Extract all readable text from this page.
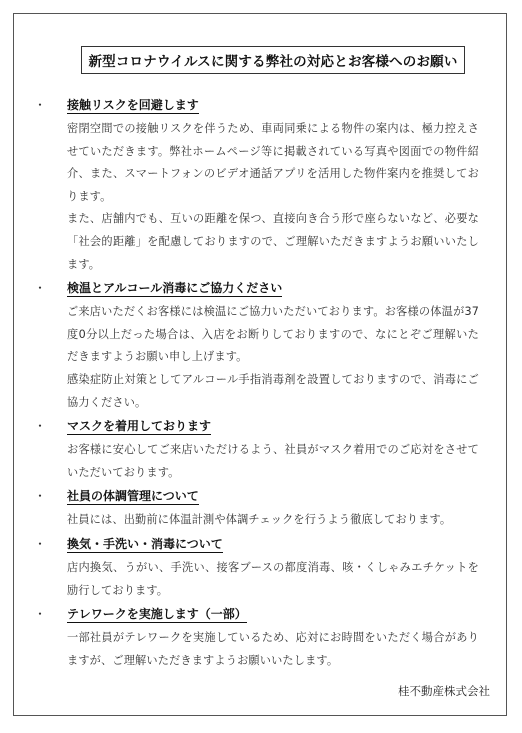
新型コロナウイルスに関する弊社の対応とお客様へのお願い
・ 接触リスクを回避します
密閉空間での接触リスクを伴うため、車両同乗による物件の案内は、極力控えさせていただきます。弊社ホームページ等に掲載されている写真や図面での物件紹介、また、スマートフォンのビデオ通話アプリを活用した物件案内を推奨しております。
また、店舗内でも、互いの距離を保つ、直接向き合う形で座らないなど、必要な「社会的距離」を配慮しておりますので、ご理解いただきますようお願いいたします。
・ 検温とアルコール消毒にご協力ください
ご来店いただくお客様には検温にご協力いただいております。お客様の体温が37度0分以上だった場合は、入店をお断りしておりますので、なにとぞご理解いただきますようお願い申し上げます。
感染症防止対策としてアルコール手指消毒剤を設置しておりますので、消毒にご協力ください。
・ マスクを着用しております
お客様に安心してご来店いただけるよう、社員がマスク着用でのご応対をさせていただいております。
・ 社員の体調管理について
社員には、出勤前に体温計測や体調チェックを行うよう徹底しております。
・ 換気・手洗い・消毒について
店内換気、うがい、手洗い、接客ブースの都度消毒、咳・くしゃみエチケットを励行しております。
・ テレワークを実施します（一部）
一部社員がテレワークを実施しているため、応対にお時間をいただく場合がありますが、ご理解いただきますようお願いいたします。
桂不動産株式会社
